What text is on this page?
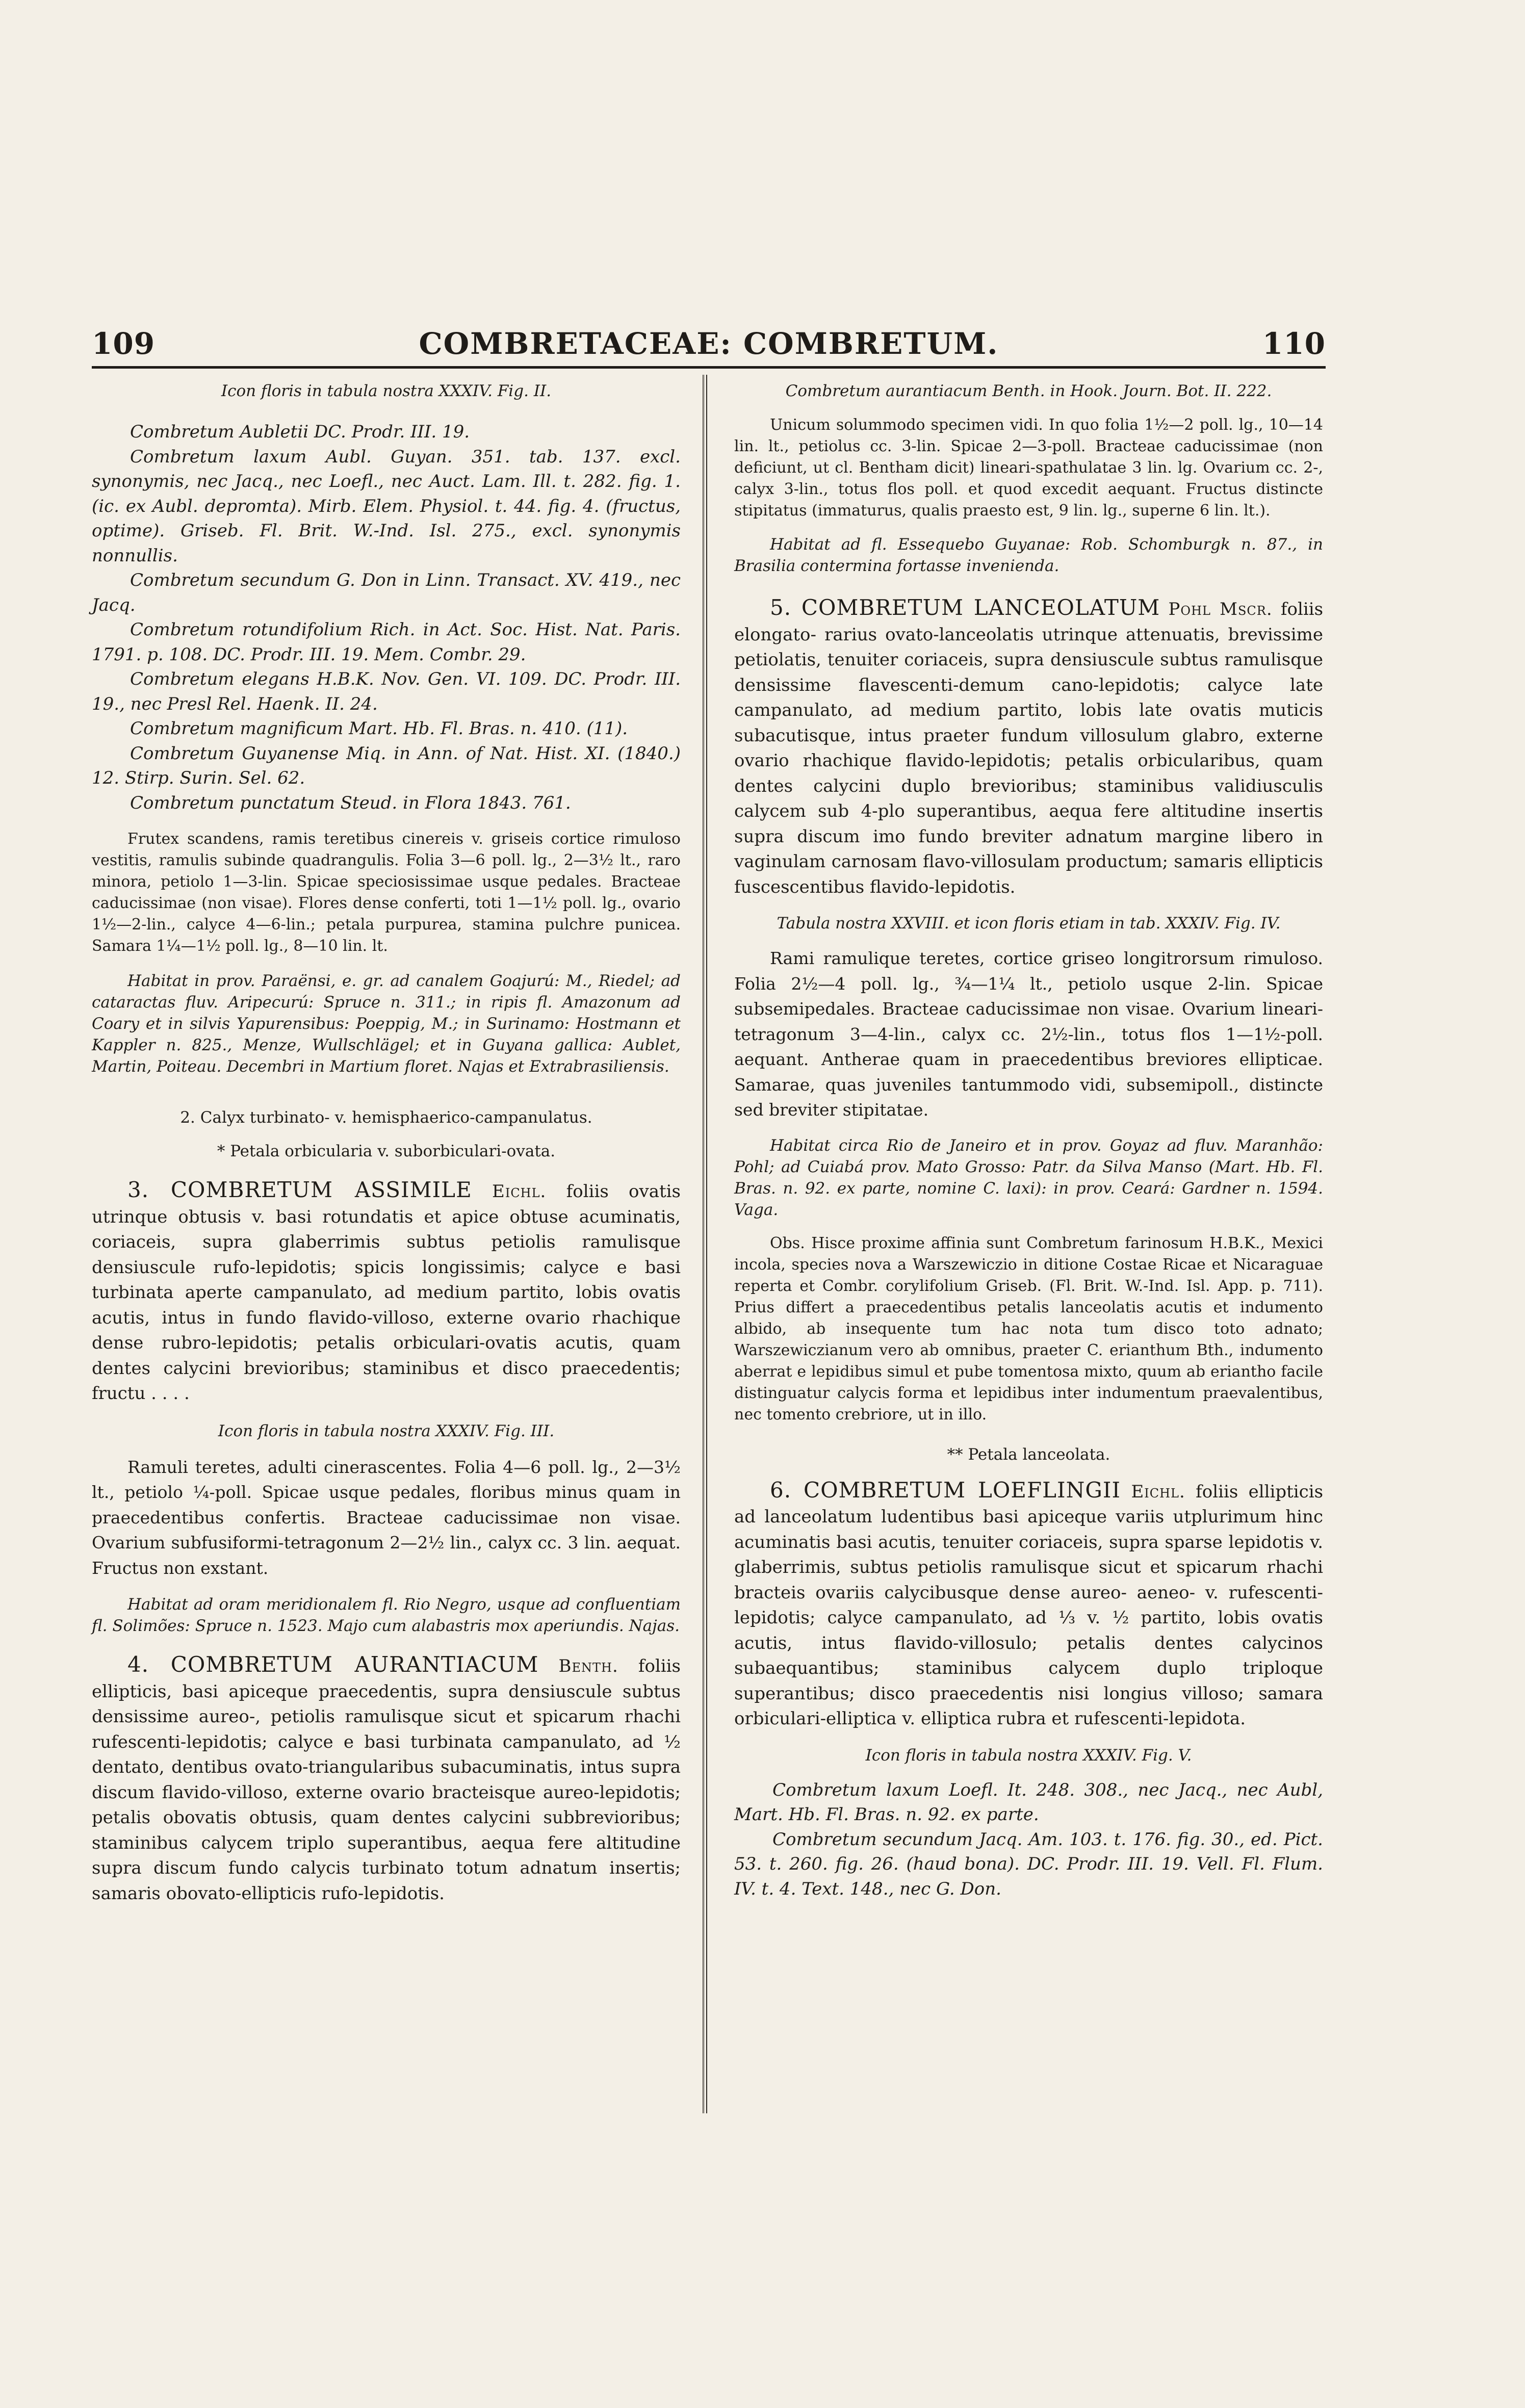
109	COMBRETACEAE: COMBRETUM.	110

Icon floris in tabula nostra XXXIV. Fig. II.

Combretum Aubletii DC. Prodr. III. 19.

Combretum laxum Aubl. Guyan. 351. tab. 137. excl. synonymis, nec Jacq., nec Loefl., nec Auct. Lam. Ill. t. 282. fig. 1. (ic. ex Aubl. depromta). Mirb. Elem. Physiol. t. 44. fig. 4. (fructus, optime). Griseb. Fl. Brit. W.-Ind. Isl. 275., excl. synonymis nonnullis.

Combretum secundum G. Don in Linn. Transact. XV. 419., nec Jacq.

Combretum rotundifolium Rich. in Act. Soc. Hist. Nat. Paris. 1791. p. 108. DC. Prodr. III. 19. Mem. Combr. 29.

Combretum elegans H.B.K. Nov. Gen. VI. 109. DC. Prodr. III. 19., nec Presl Rel. Haenk. II. 24.

Combretum magnificum Mart. Hb. Fl. Bras. n. 410. (11).

Combretum Guyanense Miq. in Ann. of Nat. Hist. XI. (1840.) 12. Stirp. Surin. Sel. 62.

Combretum punctatum Steud. in Flora 1843. 761.

Frutex scandens, ramis teretibus cinereis v. griseis cortice rimuloso vestitis, ramulis subinde quadrangulis. Folia 3—6 poll. lg., 2—3½ lt., raro minora, petiolo 1—3-lin. Spicae speciosissimae usque pedales. Bracteae caducissimae (non visae). Flores dense conferti, toti 1—1½ poll. lg., ovario 1½—2-lin., calyce 4—6-lin.; petala purpurea, stamina pulchre punicea. Samara 1¼—1½ poll. lg., 8—10 lin. lt.

Habitat in prov. Paraënsi, e. gr. ad canalem Goajurú: M., Riedel; ad cataractas fluv. Aripecurú: Spruce n. 311.; in ripis fl. Amazonum ad Coary et in silvis Yapurensibus: Poeppig, M.; in Surinamo: Hostmann et Kappler n. 825., Menze, Wullschlägel; et in Guyana gallica: Aublet, Martin, Poiteau. Decembri in Martium floret. Najas et Extrabrasiliensis.

2. Calyx turbinato- v. hemisphaerico-campanulatus.

* Petala orbicularia v. suborbiculari-ovata.

3. COMBRETUM ASSIMILE Eichl. foliis ovatis utrinque obtusis v. basi rotundatis et apice obtuse acuminatis, coriaceis, supra glaberrimis subtus petiolis ramulisque densiuscule rufo-lepidotis; spicis longissimis; calyce e basi turbinata aperte campanulato, ad medium partito, lobis ovatis acutis, intus in fundo flavido-villoso, externe ovario rhachique dense rubro-lepidotis; petalis orbiculari-ovatis acutis, quam dentes calycini brevioribus; staminibus et disco praecedentis; fructu . . . .

Icon floris in tabula nostra XXXIV. Fig. III.

Ramuli teretes, adulti cinerascentes. Folia 4—6 poll. lg., 2—3½ lt., petiolo ¼-poll. Spicae usque pedales, floribus minus quam in praecedentibus confertis. Bracteae caducissimae non visae. Ovarium subfusiformi-tetragonum 2—2½ lin., calyx cc. 3 lin. aequat. Fructus non exstant.

Habitat ad oram meridionalem fl. Rio Negro, usque ad confluentiam fl. Solimões: Spruce n. 1523. Majo cum alabastris mox aperiundis. Najas.

4. COMBRETUM AURANTIACUM Benth. foliis ellipticis, basi apiceque praecedentis, supra densiuscule subtus densissime aureo-, petiolis ramulisque sicut et spicarum rhachi rufescenti-lepidotis; calyce e basi turbinata campanulato, ad ½ dentato, dentibus ovato-triangularibus subacuminatis, intus supra discum flavido-villoso, externe ovario bracteisque aureo-lepidotis; petalis obovatis obtusis, quam dentes calycini subbrevioribus; staminibus calycem triplo superantibus, aequa fere altitudine supra discum fundo calycis turbinato totum adnatum insertis; samaris obovato-ellipticis rufo-lepidotis.

Combretum aurantiacum Benth. in Hook. Journ. Bot. II. 222.

Unicum solummodo specimen vidi. In quo folia 1½—2 poll. lg., 10—14 lin. lt., petiolus cc. 3-lin. Spicae 2—3-poll. Bracteae caducissimae (non deficiunt, ut cl. Bentham dicit) lineari-spathulatae 3 lin. lg. Ovarium cc. 2-, calyx 3-lin., totus flos poll. et quod excedit aequant. Fructus distincte stipitatus (immaturus, qualis praesto est, 9 lin. lg., superne 6 lin. lt.).

Habitat ad fl. Essequebo Guyanae: Rob. Schomburgk n. 87., in Brasilia contermina fortasse invenienda.

5. COMBRETUM LANCEOLATUM Pohl Mscr. foliis elongato- rarius ovato-lanceolatis utrinque attenuatis, brevissime petiolatis, tenuiter coriaceis, supra densiuscule subtus ramulisque densissime flavescenti-demum cano-lepidotis; calyce late campanulato, ad medium partito, lobis late ovatis muticis subacutisque, intus praeter fundum villosulum glabro, externe ovario rhachique flavido-lepidotis; petalis orbicularibus, quam dentes calycini duplo brevioribus; staminibus validiusculis calycem sub 4-plo superantibus, aequa fere altitudine insertis supra discum imo fundo breviter adnatum margine libero in vaginulam carnosam flavo-villosulam productum; samaris ellipticis fuscescentibus flavido-lepidotis.

Tabula nostra XXVIII. et icon floris etiam in tab. XXXIV. Fig. IV.

Rami ramulique teretes, cortice griseo longitrorsum rimuloso. Folia 2½—4 poll. lg., ¾—1¼ lt., petiolo usque 2-lin. Spicae subsemipedales. Bracteae caducissimae non visae. Ovarium lineari-tetragonum 3—4-lin., calyx cc. 2½-lin., totus flos 1—1½-poll. aequant. Antherae quam in praecedentibus breviores ellipticae. Samarae, quas juveniles tantummodo vidi, subsemipoll., distincte sed breviter stipitatae.

Habitat circa Rio de Janeiro et in prov. Goyaz ad fluv. Maranhão: Pohl; ad Cuiabá prov. Mato Grosso: Patr. da Silva Manso (Mart. Hb. Fl. Bras. n. 92. ex parte, nomine C. laxi): in prov. Ceará: Gardner n. 1594. Vaga.

Obs. Hisce proxime affinia sunt Combretum farinosum H.B.K., Mexici incola, species nova a Warszewiczio in ditione Costae Ricae et Nicaraguae reperta et Combr. corylifolium Griseb. (Fl. Brit. W.-Ind. Isl. App. p. 711). Prius differt a praecedentibus petalis lanceolatis acutis et indumento albido, ab insequente tum hac nota tum disco toto adnato; Warszewiczianum vero ab omnibus, praeter C. erianthum Bth., indumento aberrat e lepidibus simul et pube tomentosa mixto, quum ab eriantho facile distinguatur calycis forma et lepidibus inter indumentum praevalentibus, nec tomento crebriore, ut in illo.

** Petala lanceolata.

6. COMBRETUM LOEFLINGII Eichl. foliis ellipticis ad lanceolatum ludentibus basi apiceque variis utplurimum hinc acuminatis basi acutis, tenuiter coriaceis, supra sparse lepidotis v. glaberrimis, subtus petiolis ramulisque sicut et spicarum rhachi bracteis ovariis calycibusque dense aureo- aeneo- v. rufescenti-lepidotis; calyce campanulato, ad ⅓ v. ½ partito, lobis ovatis acutis, intus flavido-villosulo; petalis dentes calycinos subaequantibus; staminibus calycem duplo triploque superantibus; disco praecedentis nisi longius villoso; samara orbiculari-elliptica v. elliptica rubra et rufescenti-lepidota.

Icon floris in tabula nostra XXXIV. Fig. V.

Combretum laxum Loefl. It. 248. 308., nec Jacq., nec Aubl, Mart. Hb. Fl. Bras. n. 92. ex parte.

Combretum secundum Jacq. Am. 103. t. 176. fig. 30., ed. Pict. 53. t. 260. fig. 26. (haud bona). DC. Prodr. III. 19. Vell. Fl. Flum. IV. t. 4. Text. 148., nec G. Don.
